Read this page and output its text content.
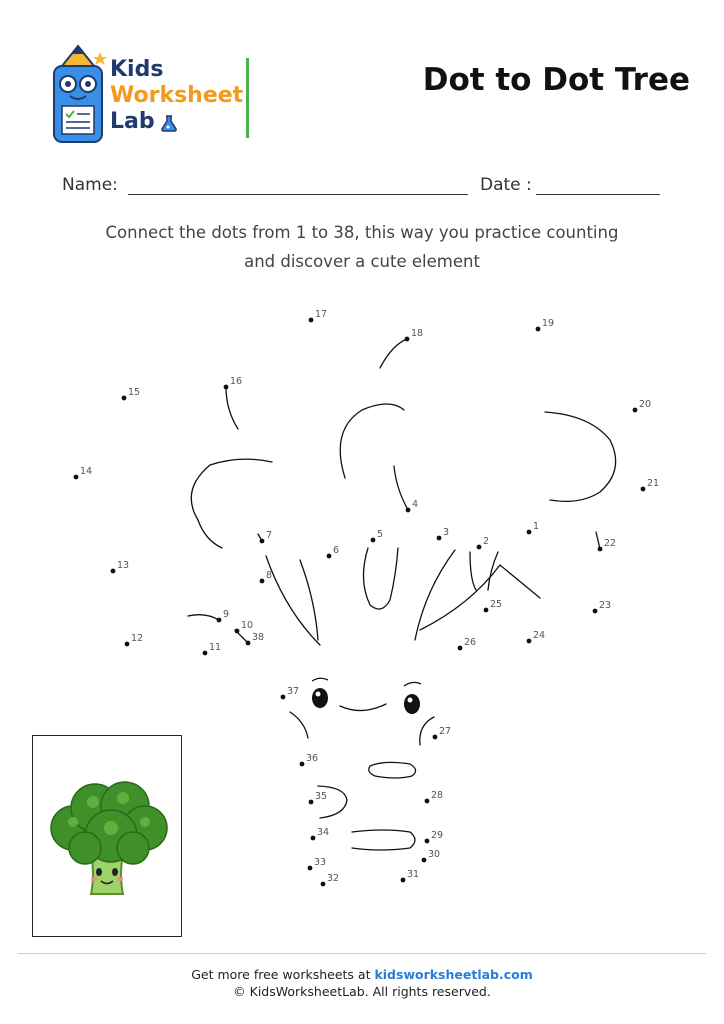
Kids
Worksheet
Lab
Dot to Dot Tree
Name:	Date :
Connect the dots from 1 to 38, this way you practice counting
and discover a cute element
1
2
3
4
5
6
7
8
9
10
11
12
13
14
15
16
17
18
19
20
21
22
23
24
25
26
27
28
29
30
31
32
33
34
35
36
37
38
Get more free worksheets at kidsworksheetlab.com
© KidsWorksheetLab. All rights reserved.
